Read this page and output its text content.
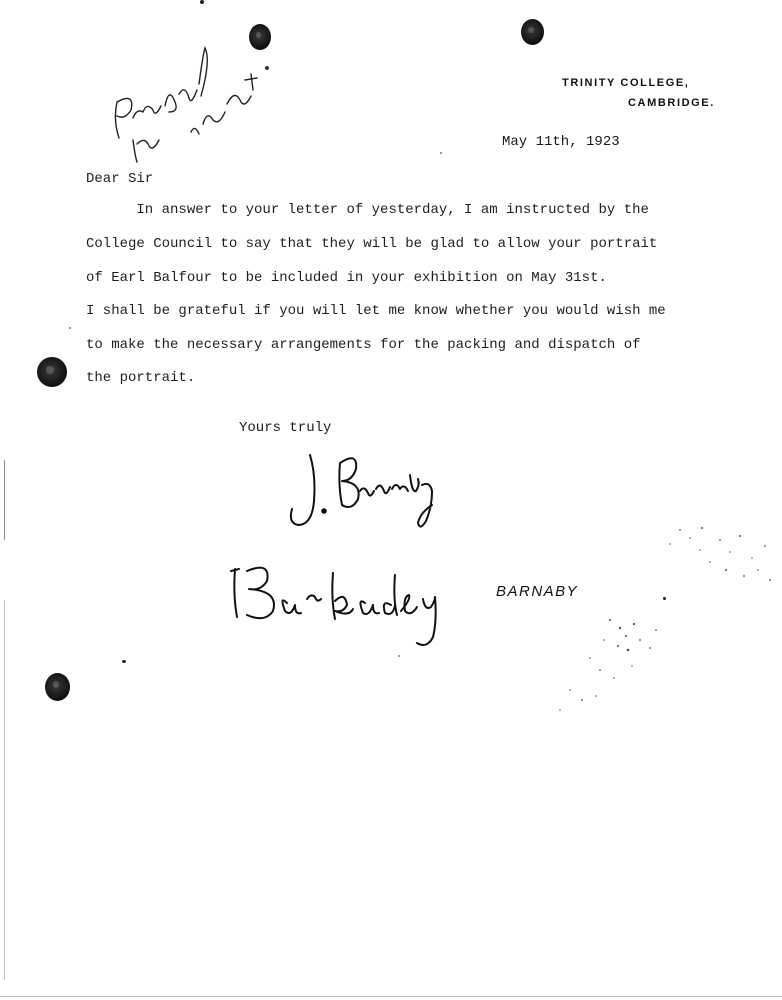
TRINITY COLLEGE,
CAMBRIDGE.
May 11th, 1923
Dear Sir
In answer to your letter of yesterday, I am instructed by the
College Council to say that they will be glad to allow your portrait
of Earl Balfour to be included in your exhibition on May 31st.
I shall be grateful if you will let me know whether you would wish me
to make the necessary arrangements for the packing and dispatch of
the portrait.
Yours truly
BARNABY
